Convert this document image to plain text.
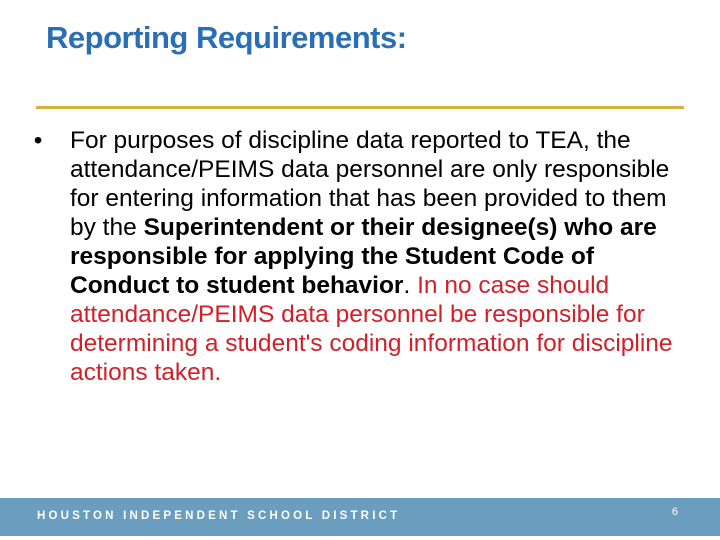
Reporting Requirements:
• For purposes of discipline data reported to TEA, the attendance/PEIMS data personnel are only responsible for entering information that has been provided to them by the Superintendent or their designee(s) who are responsible for applying the Student Code of Conduct to student behavior. In no case should attendance/PEIMS data personnel be responsible for determining a student's coding information for discipline actions taken.
HOUSTON INDEPENDENT SCHOOL DISTRICT	6
